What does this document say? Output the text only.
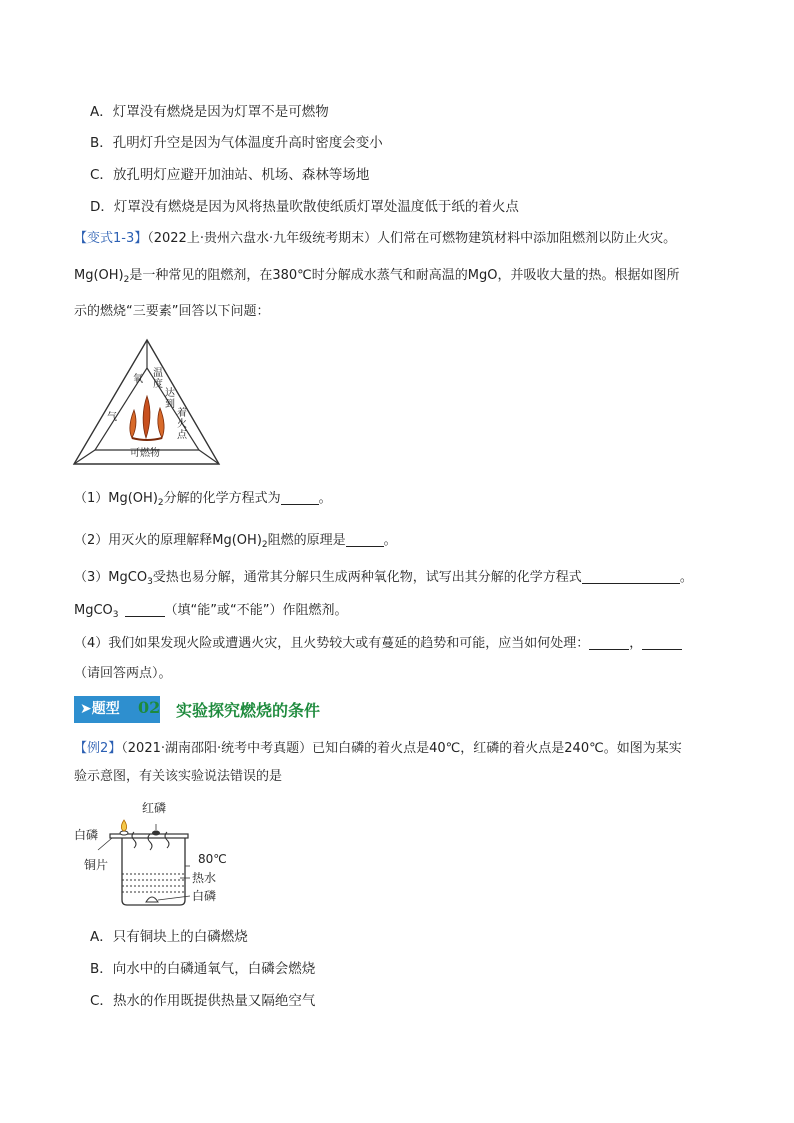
A．灯罩没有燃烧是因为灯罩不是可燃物
B．孔明灯升空是因为气体温度升高时密度会变小
C．放孔明灯应避开加油站、机场、森林等场地
D．灯罩没有燃烧是因为风将热量吹散使纸质灯罩处温度低于纸的着火点
【变式1-3】（2022上·贵州六盘水·九年级统考期末）人们常在可燃物建筑材料中添加阻燃剂以防止火灾。
$Mg(OH)_2$是一种常见的阻燃剂，在380℃时分解成水蒸气和耐高温的MgO，并吸收大量的热。根据如图所
示的燃烧“三要素”回答以下问题：
氧
气
温
度
达
到
着
火
点
可燃物
$(1)Mg(OH)_2$分解的化学方程式为	。
（2）用灭火的原理解释$Mg(OH)_2$阻燃的原理是	。
（3）MgCO$_3$受热也易分解，通常其分解只生成两种氧化物，试写出其分解的化学方程式	。
MgCO$_3$	（填“能”或“不能”）作阻燃剂。
（4）我们如果发现火险或遭遇火灾，且火势较大或有蔓延的趋势和可能，应当如何处理：	，
（请回答两点）。
➤题型	02 实验探究燃烧的条件
【例2】（2021·湖南邵阳·统考中考真题）已知白磷的着火点是40℃，红磷的着火点是240℃。如图为某实
验示意图，有关该实验说法错误的是
红磷
白磷
铜片	80℃
热水
白磷
A．只有铜块上的白磷燃烧
B．向水中的白磷通氧气，白磷会燃烧
C．热水的作用既提供热量又隔绝空气
